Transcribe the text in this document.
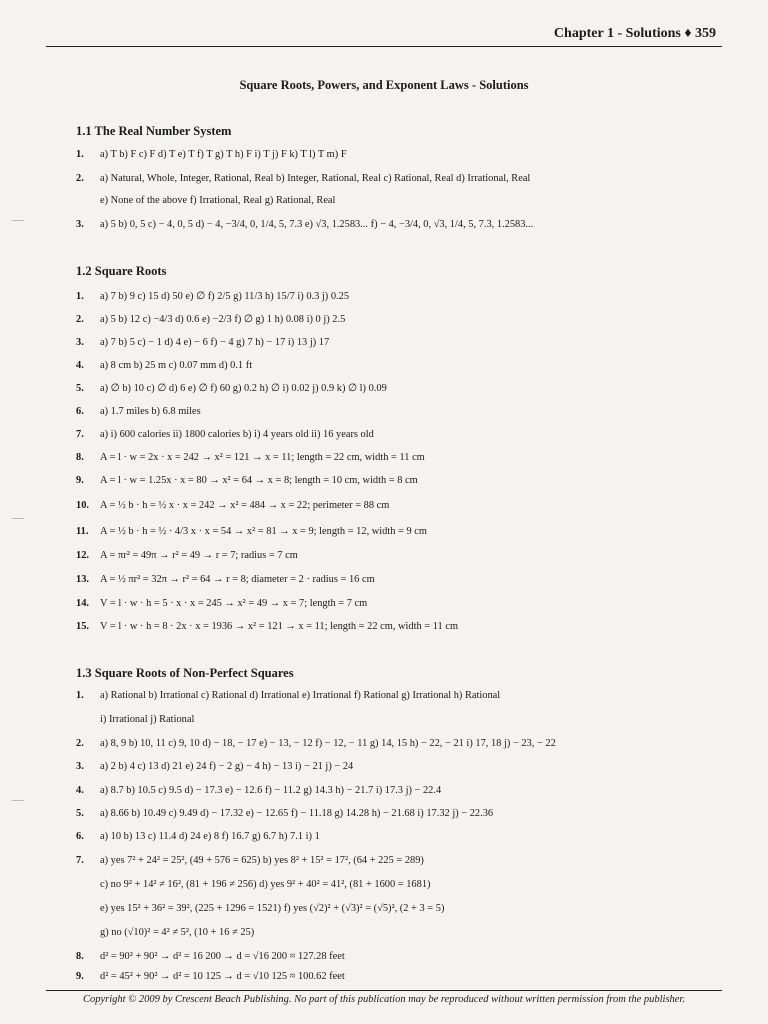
Chapter 1 - Solutions ♦ 359
Square Roots, Powers, and Exponent Laws - Solutions
1.1 The Real Number System
1. a) T b) F c) F d) T e) T f) T g) T h) F i) T j) F k) T l) T m) F
2. a) Natural, Whole, Integer, Rational, Real b) Integer, Rational, Real c) Rational, Real d) Irrational, Real
e) None of the above f) Irrational, Real g) Rational, Real
3. a) 5 b) 0, 5 c) − 4, 0, 5 d) − 4, −3/4, 0, 1/4, 5, 7.3 e) √3, 1.2583... f) − 4, −3/4, 0, √3, 1/4, 5, 7.3, 1.2583...
1.2 Square Roots
1. a) 7 b) 9 c) 15 d) 50 e) ∅ f) 2/5 g) 11/3 h) 15/7 i) 0.3 j) 0.25
2. a) 5 b) 12 c) −4/3 d) 0.6 e) −2/3 f) ∅ g) 1 h) 0.08 i) 0 j) 2.5
3. a) 7 b) 5 c) − 1 d) 4 e) − 6 f) − 4 g) 7 h) − 17 i) 13 j) 17
4. a) 8 cm b) 25 m c) 0.07 mm d) 0.1 ft
5. a) ∅ b) 10 c) ∅ d) 6 e) ∅ f) 60 g) 0.2 h) ∅ i) 0.02 j) 0.9 k) ∅ l) 0.09
6. a) 1.7 miles b) 6.8 miles
7. a) i) 600 calories ii) 1800 calories b) i) 4 years old ii) 16 years old
8. A = l · w = 2x · x = 242 → x² = 121 → x = 11; length = 22 cm, width = 11 cm
9. A = l · w = 1.25x · x = 80 → x² = 64 → x = 8; length = 10 cm, width = 8 cm
10. A = ½ b · h = ½ x · x = 242 → x² = 484 → x = 22; perimeter = 88 cm
11. A = ½ b · h = ½ · 4/3 x · x = 54 → x² = 81 → x = 9; length = 12, width = 9 cm
12. A = πr² = 49π → r² = 49 → r = 7; radius = 7 cm
13. A = ½ πr² = 32π → r² = 64 → r = 8; diameter = 2 · radius = 16 cm
14. V = l · w · h = 5 · x · x = 245 → x² = 49 → x = 7; length = 7 cm
15. V = l · w · h = 8 · 2x · x = 1936 → x² = 121 → x = 11; length = 22 cm, width = 11 cm
1.3 Square Roots of Non-Perfect Squares
1. a) Rational b) Irrational c) Rational d) Irrational e) Irrational f) Rational g) Irrational h) Rational
i) Irrational j) Rational
2. a) 8, 9 b) 10, 11 c) 9, 10 d) − 18, − 17 e) − 13, − 12 f) − 12, − 11 g) 14, 15 h) − 22, − 21 i) 17, 18 j) − 23, − 22
3. a) 2 b) 4 c) 13 d) 21 e) 24 f) − 2 g) − 4 h) − 13 i) − 21 j) − 24
4. a) 8.7 b) 10.5 c) 9.5 d) − 17.3 e) − 12.6 f) − 11.2 g) 14.3 h) − 21.7 i) 17.3 j) − 22.4
5. a) 8.66 b) 10.49 c) 9.49 d) − 17.32 e) − 12.65 f) − 11.18 g) 14.28 h) − 21.68 i) 17.32 j) − 22.36
6. a) 10 b) 13 c) 11.4 d) 24 e) 8 f) 16.7 g) 6.7 h) 7.1 i) 1
7. a) yes 7² + 24² = 25², (49 + 576 = 625) b) yes 8² + 15² = 17², (64 + 225 = 289)
c) no 9² + 14² ≠ 16², (81 + 196 ≠ 256) d) yes 9² + 40² = 41², (81 + 1600 = 1681)
e) yes 15² + 36² = 39², (225 + 1296 = 1521) f) yes (√2)² + (√3)² = (√5)², (2 + 3 = 5)
g) no (√10)² = 4² ≠ 5², (10 + 16 ≠ 25)
8. d² = 90² + 90² → d² = 16 200 → d = √16 200 ≈ 127.28 feet
9. d² = 45² + 90² → d² = 10 125 → d = √10 125 ≈ 100.62 feet
Copyright © 2009 by Crescent Beach Publishing. No part of this publication may be reproduced without written permission from the publisher.
